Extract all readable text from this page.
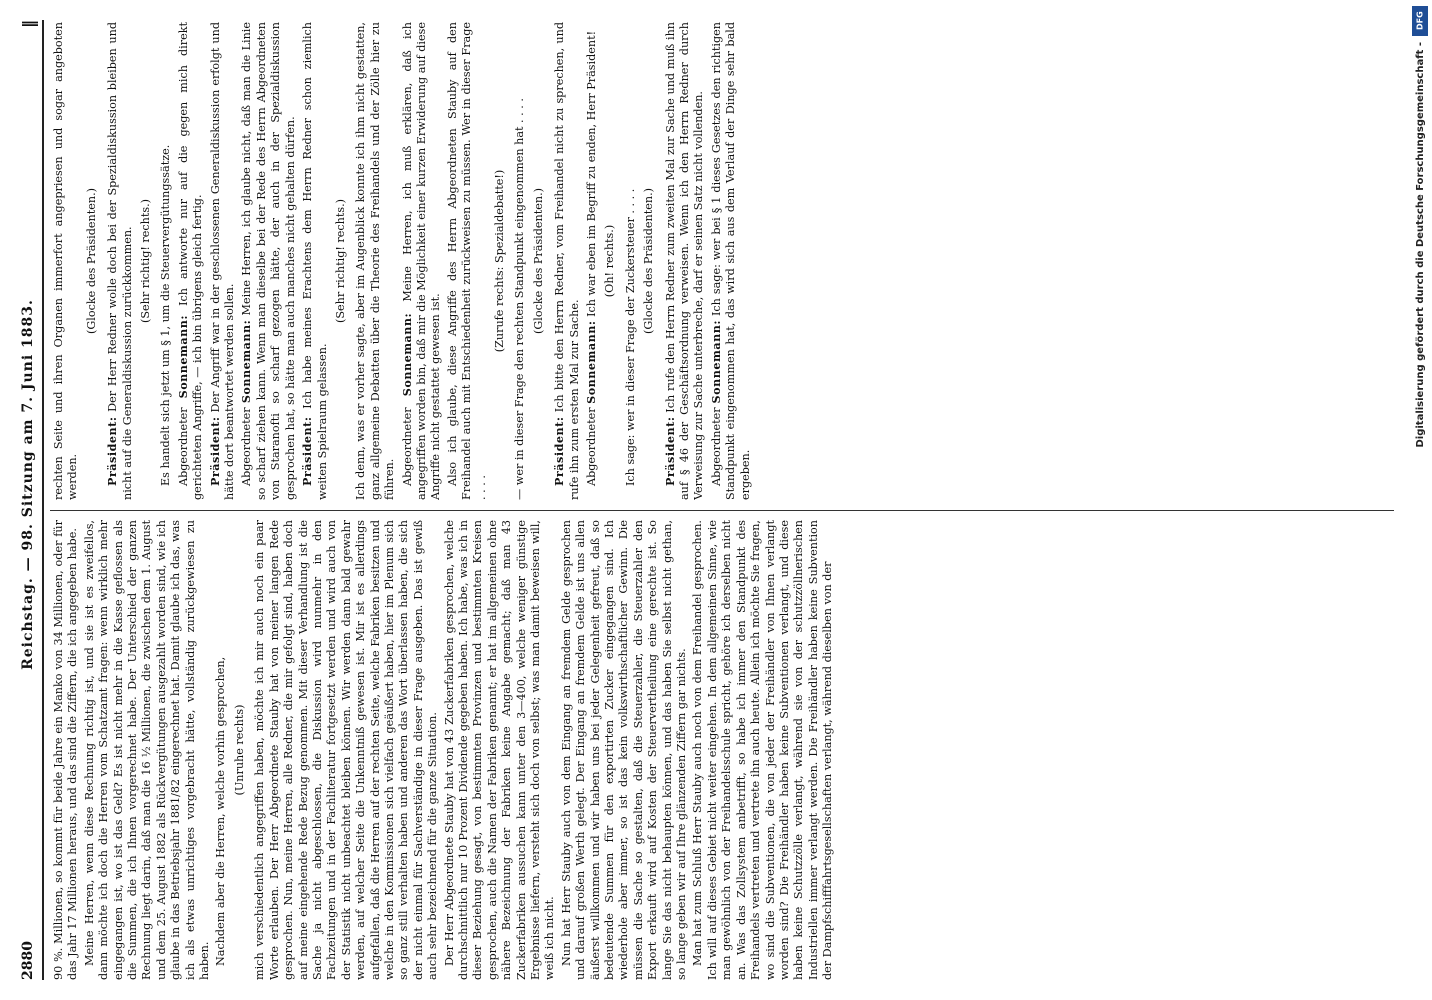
2880
Reichstag. — 98. Sitzung am 7. Juni 1883.
‖

90 %. Millionen, so kommt für beide Jahre ein Manko von 34 Millionen, oder für das Jahr 17 Millionen heraus, und das sind die Ziffern, die ich angegeben habe. Meine Herren, wenn diese Rechnung richtig ist, und sie ist es zweifellos, dann möchte ich doch die Herren vom Schatzamt fragen: wenn wirklich mehr eingegangen ist, wo ist das Geld? Es ist nicht mehr in die Kasse geflossen als die Summen, die ich Ihnen vorgerechnet habe. Der Unterschied der ganzen Rechnung liegt darin, daß man die 16 ½ Millionen, die zwischen dem 1. August und dem 25. August 1882 als Rückvergütungen ausgezahlt worden sind, wie ich glaube in das Betriebsjahr 1881/82 eingerechnet hat. Damit glaube ich das, was ich als etwas unrichtiges vorgebracht hätte, vollständig zurückgewiesen zu haben. Nachdem aber die Herren, welche vorhin gesprochen, (Unruhe rechts) mich verschiedentlich angegriffen haben, möchte ich mir auch noch ein paar Worte erlauben. Der Herr Abgeordnete Stauby hat von meiner langen Rede gesprochen. Nun, meine Herren, alle Redner, die mir gefolgt sind, haben doch auf meine eingehende Rede Bezug genommen. Mit dieser Verhandlung ist die Sache ja nicht abgeschlossen, die Diskussion wird nunmehr in den Fachzeitungen und in der Fachliteratur fortgesetzt werden und wird auch von der Statistik nicht unbeachtet bleiben können. Wir werden dann bald gewahr werden, auf welcher Seite die Unkenntniß gewesen ist. Mir ist es allerdings aufgefallen, daß die Herren auf der rechten Seite, welche Fabriken besitzen und welche in den Kommissionen sich vielfach geäußert haben, hier im Plenum sich so ganz still verhalten haben und anderen das Wort überlassen haben, die sich der nicht einmal für Sachverständige in dieser Frage ausgeben. Das ist gewiß auch sehr bezeichnend für die ganze Situation. Der Herr Abgeordnete Stauby hat von 43 Zuckerfabriken gesprochen, welche durchschnittlich nur 10 Prozent Dividende gegeben haben. Ich habe, was ich in dieser Beziehung gesagt, von bestimmten Provinzen und bestimmten Kreisen gesprochen, auch die Namen der Fabriken genannt; er hat im allgemeinen ohne nähere Bezeichnung der Fabriken keine Angabe gemacht; daß man 43 Zuckerfabriken aussuchen kann unter den 3—400, welche weniger günstige Ergebnisse liefern, versteht sich doch von selbst; was man damit beweisen will, weiß ich nicht. Nun hat Herr Stauby auch von dem Eingang an fremdem Gelde gesprochen und darauf großen Werth gelegt. Der Eingang an fremdem Gelde ist uns allen äußerst willkommen und wir haben uns bei jeder Gelegenheit gefreut, daß so bedeutende Summen für den exportirten Zucker eingegangen sind. Ich wiederhole aber immer, so ist das kein volkswirthschaftlicher Gewinn. Die müssen die Sache so gestalten, daß die Steuerzahler, die Steuerzahler den Export erkauft wird auf Kosten der Steuervertheilung eine gerechte ist. So lange Sie das nicht behaupten können, und das haben Sie selbst nicht gethan, so lange geben wir auf Ihre glänzenden Ziffern gar nichts. Man hat zum Schluß Herr Stauby auch noch von dem Freihandel gesprochen. Ich will auf dieses Gebiet nicht weiter eingehen. In dem allgemeinen Sinne, wie man gewöhnlich von der Freihandelsschule spricht, gehöre ich derselben nicht an. Was das Zollsystem anbetrifft, so habe ich immer den Standpunkt des Freihandels vertreten und vertrete ihn auch heute. Allein ich möchte Sie fragen, wo sind die Subventionen, die von jeder der Freihändler von Ihnen verlangt worden sind? Die Freihändler haben keine Subventionen verlangt, und diese haben keine Schutzzölle verlangt, während sie von der schutzzöllnerischen Industriellen immer verlangt werden. Die Freihändler haben keine Subvention der Dampfschifffahrtsgesellschaften verlangt, während dieselben von der

rechten Seite und ihren Organen immerfort angepriesen und sogar angeboten werden.

(Glocke des Präsidenten.)

Präsident: Der Herr Redner wolle doch bei der Spezialdiskussion bleiben und nicht auf die Generaldiskussion zurückkommen. (Sehr richtig! rechts.) Es handelt sich jetzt um § 1, um die Steuervergütungssätze. Abgeordneter Sonnemann: Ich antworte nur auf die gegen mich direkt gerichteten Angriffe, — ich bin übrigens gleich fertig. Präsident: Der Angriff war in der geschlossenen Generaldiskussion erfolgt und hätte dort beantwortet werden sollen. Abgeordneter Sonnemann: Meine Herren, ich glaube nicht, daß man die Linie so scharf ziehen kann. Wenn man dieselbe bei der Rede des Herrn Abgeordneten von Staranofti so scharf gezogen hätte, der auch in der Spezialdiskussion gesprochen hat, so hätte man auch manches nicht gehalten dürfen. Präsident: Ich habe meines Erachtens dem Herrn Redner schon ziemlich weiten Spielraum gelassen.

(Sehr richtig! rechts.) Ich denn, was er vorher sagte, aber im Augenblick konnte ich ihm nicht gestatten, ganz allgemeine Debatten über die Theorie des Freihandels und der Zölle hier zu führen. Abgeordneter Sonnemann: Meine Herren, ich muß erklären, daß ich angegriffen worden bin, daß mir die Möglichkeit einer kurzen Erwiderung auf diese Angriffe nicht gestattet gewesen ist. Also ich glaube, diese Angriffe des Herrn Abgeordneten Stauby auf den Freihandel auch mit Entschiedenheit zurückweisen zu müssen. Wer in dieser Frage . . . .

(Zurufe rechts: Spezialdebatte!) — wer in dieser Frage den rechten Standpunkt eingenommen hat . . . . (Glocke des Präsidenten.)

Präsident: Ich bitte den Herrn Redner, vom Freihandel nicht zu sprechen, und rufe ihn zum ersten Mal zur Sache. Abgeordneter Sonnemann: Ich war eben im Begriff zu enden, Herr Präsident! (Oh! rechts.) Ich sage: wer in dieser Frage der Zuckersteuer . . . . (Glocke des Präsidenten.)

Präsident: Ich rufe den Herrn Redner zum zweiten Mal zur Sache und muß ihn auf § 46 der Geschäftsordnung verweisen. Wenn ich den Herrn Redner durch Verweisung zur Sache unterbreche, darf er seinen Satz nicht vollenden. Abgeordneter Sonnemann: Ich sage: wer bei § 1 dieses Gesetzes den richtigen Standpunkt eingenommen hat, das wird sich aus dem Verlauf der Dinge sehr bald ergeben.

DFG
Digitalisierung gefördert durch die Deutsche Forschungsgemeinschaft -
